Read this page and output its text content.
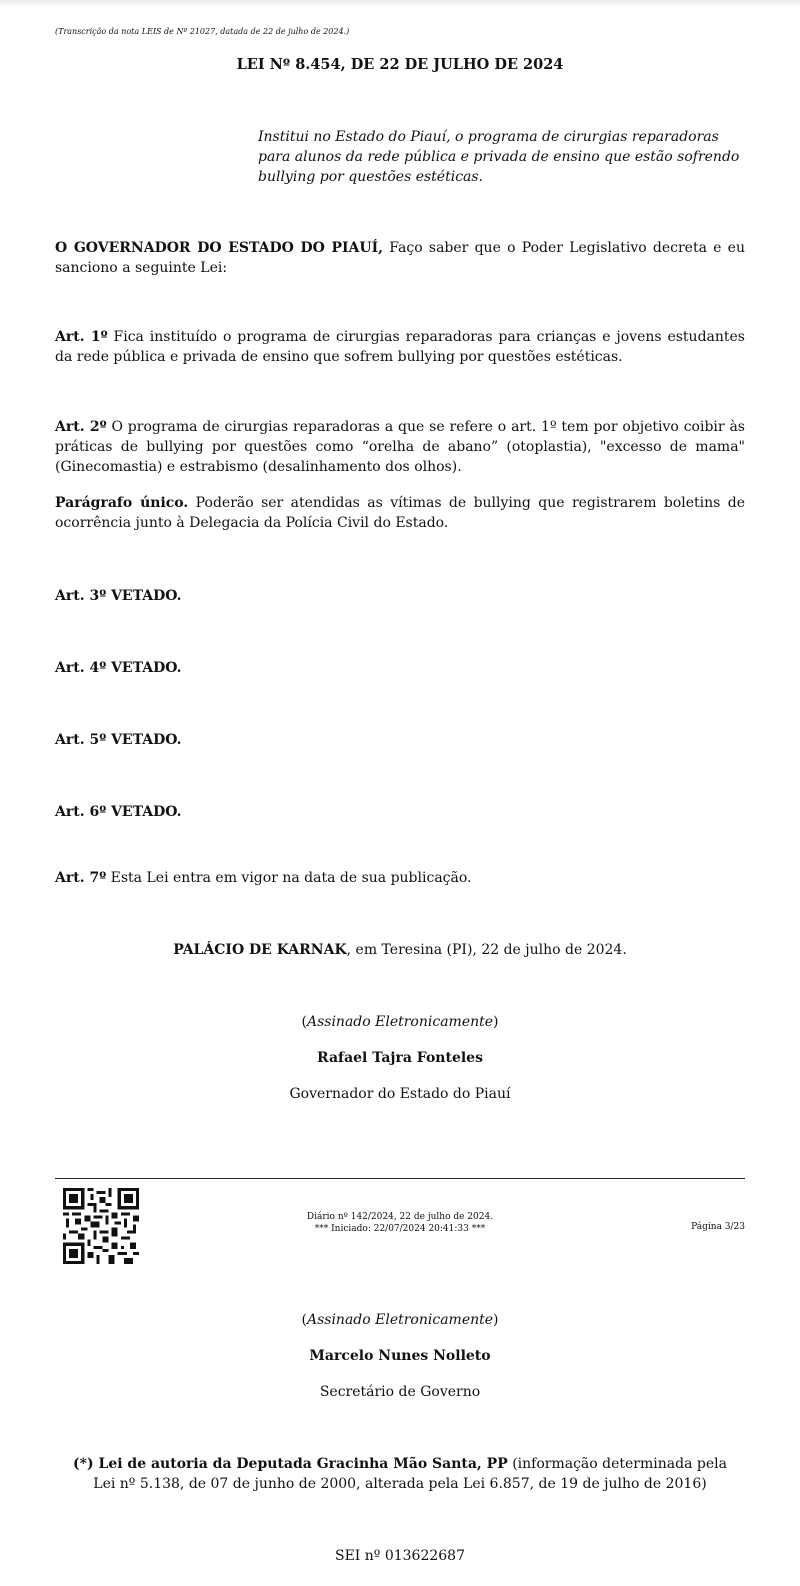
(Transcrição da nota LEIS de Nº 21027, datada de 22 de julho de 2024.)
LEI Nº 8.454, DE 22 DE JULHO DE 2024
Institui no Estado do Piauí, o programa de cirurgias reparadoras para alunos da rede pública e privada de ensino que estão sofrendo bullying por questões estéticas.
O GOVERNADOR DO ESTADO DO PIAUÍ, Faço saber que o Poder Legislativo decreta e eu sanciono a seguinte Lei:
Art. 1º Fica instituído o programa de cirurgias reparadoras para crianças e jovens estudantes da rede pública e privada de ensino que sofrem bullying por questões estéticas.
Art. 2º O programa de cirurgias reparadoras a que se refere o art. 1º tem por objetivo coibir às práticas de bullying por questões como “orelha de abano” (otoplastia), "excesso de mama" (Ginecomastia) e estrabismo (desalinhamento dos olhos).
Parágrafo único. Poderão ser atendidas as vítimas de bullying que registrarem boletins de ocorrência junto à Delegacia da Polícia Civil do Estado.
Art. 3º VETADO.
Art. 4º VETADO.
Art. 5º VETADO.
Art. 6º VETADO.
Art. 7º Esta Lei entra em vigor na data de sua publicação.
PALÁCIO DE KARNAK, em Teresina (PI), 22 de julho de 2024.
(Assinado Eletronicamente)
Rafael Tajra Fonteles
Governador do Estado do Piauí
Diário nº 142/2024, 22 de julho de 2024.
*** Iniciado: 22/07/2024 20:41:33 ***	Página 3/23
(Assinado Eletronicamente)
Marcelo Nunes Nolleto
Secretário de Governo
(*) Lei de autoria da Deputada Gracinha Mão Santa, PP (informação determinada pela Lei nº 5.138, de 07 de junho de 2000, alterada pela Lei 6.857, de 19 de julho de 2016)
SEI nº 013622687
